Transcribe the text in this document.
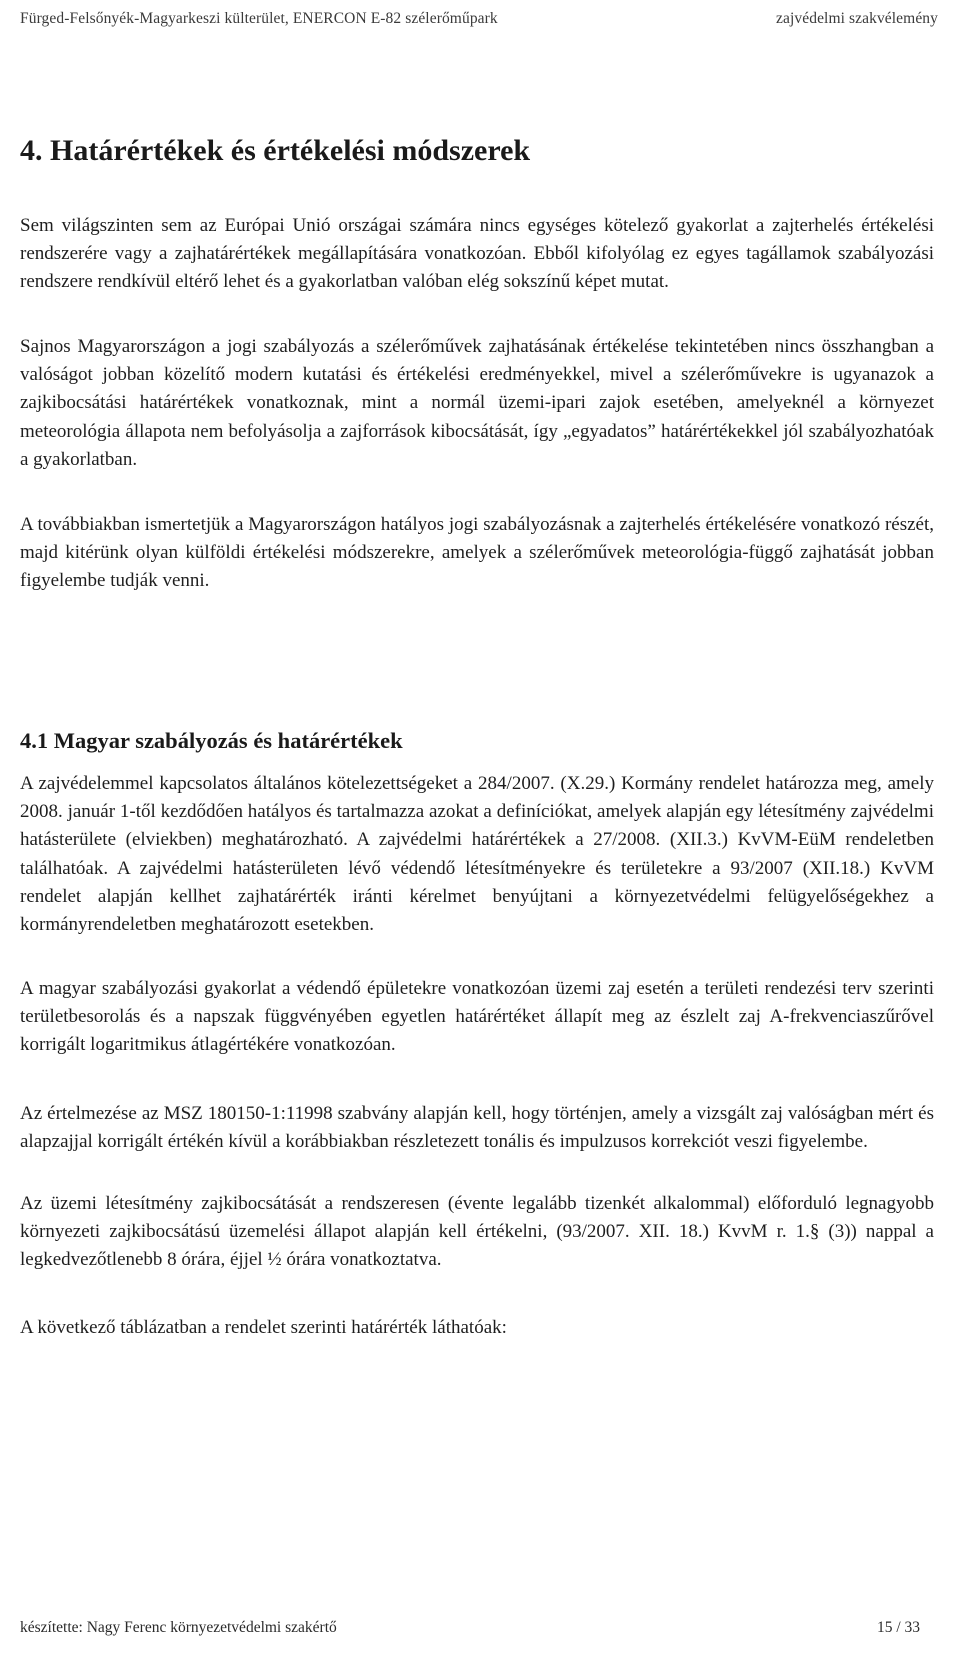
Fürged-Felsőnyék-Magyarkeszi külterület, ENERCON E-82 szélerőműpark	zajvédelmi szakvélemény
4. Határértékek és értékelési módszerek

Sem világszinten sem az Európai Unió országai számára nincs egységes kötelező gyakorlat a zajterhelés értékelési rendszerére vagy a zajhatárértékek megállapítására vonatkozóan. Ebből kifolyólag ez egyes tagállamok szabályozási rendszere rendkívül eltérő lehet és a gyakorlatban valóban elég sokszínű képet mutat.

Sajnos Magyarországon a jogi szabályozás a szélerőművek zajhatásának értékelése tekintetében nincs összhangban a valóságot jobban közelítő modern kutatási és értékelési eredményekkel, mivel a szélerőművekre is ugyanazok a zajkibocsátási határértékek vonatkoznak, mint a normál üzemi-ipari zajok esetében, amelyeknél a környezet meteorológia állapota nem befolyásolja a zajforrások kibocsátását, így „egyadatos” határértékekkel jól szabályozhatóak a gyakorlatban.

A továbbiakban ismertetjük a Magyarországon hatályos jogi szabályozásnak a zajterhelés értékelésére vonatkozó részét, majd kitérünk olyan külföldi értékelési módszerekre, amelyek a szélerőművek meteorológia-függő zajhatását jobban figyelembe tudják venni.

4.1 Magyar szabályozás és határértékek

A zajvédelemmel kapcsolatos általános kötelezettségeket a 284/2007. (X.29.) Kormány rendelet határozza meg, amely 2008. január 1-től kezdődően hatályos és tartalmazza azokat a definíciókat, amelyek alapján egy létesítmény zajvédelmi hatásterülete (elviekben) meghatározható. A zajvédelmi határértékek a 27/2008. (XII.3.) KvVM-EüM rendeletben találhatóak. A zajvédelmi hatásterületen lévő védendő létesítményekre és területekre a 93/2007 (XII.18.) KvVM rendelet alapján kellhet zajhatárérték iránti kérelmet benyújtani a környezetvédelmi felügyelőségekhez a kormányrendeletben meghatározott esetekben.

A magyar szabályozási gyakorlat a védendő épületekre vonatkozóan üzemi zaj esetén a területi rendezési terv szerinti területbesorolás és a napszak függvényében egyetlen határértéket állapít meg az észlelt zaj A-frekvenciaszűrővel korrigált logaritmikus átlagértékére vonatkozóan.

Az értelmezése az MSZ 180150-1:11998 szabvány alapján kell, hogy történjen, amely a vizsgált zaj valóságban mért és alapzajjal korrigált értékén kívül a korábbiakban részletezett tonális és impulzusos korrekciót veszi figyelembe.

Az üzemi létesítmény zajkibocsátását a rendszeresen (évente legalább tizenkét alkalommal) előforduló legnagyobb környezeti zajkibocsátású üzemelési állapot alapján kell értékelni, (93/2007. XII. 18.) KvvM r. 1.§ (3)) nappal a legkedvezőtlenebb 8 órára, éjjel ½ órára vonatkoztatva.

A következő táblázatban a rendelet szerinti határérték láthatóak:

készítette: Nagy Ferenc környezetvédelmi szakértő	15 / 33
